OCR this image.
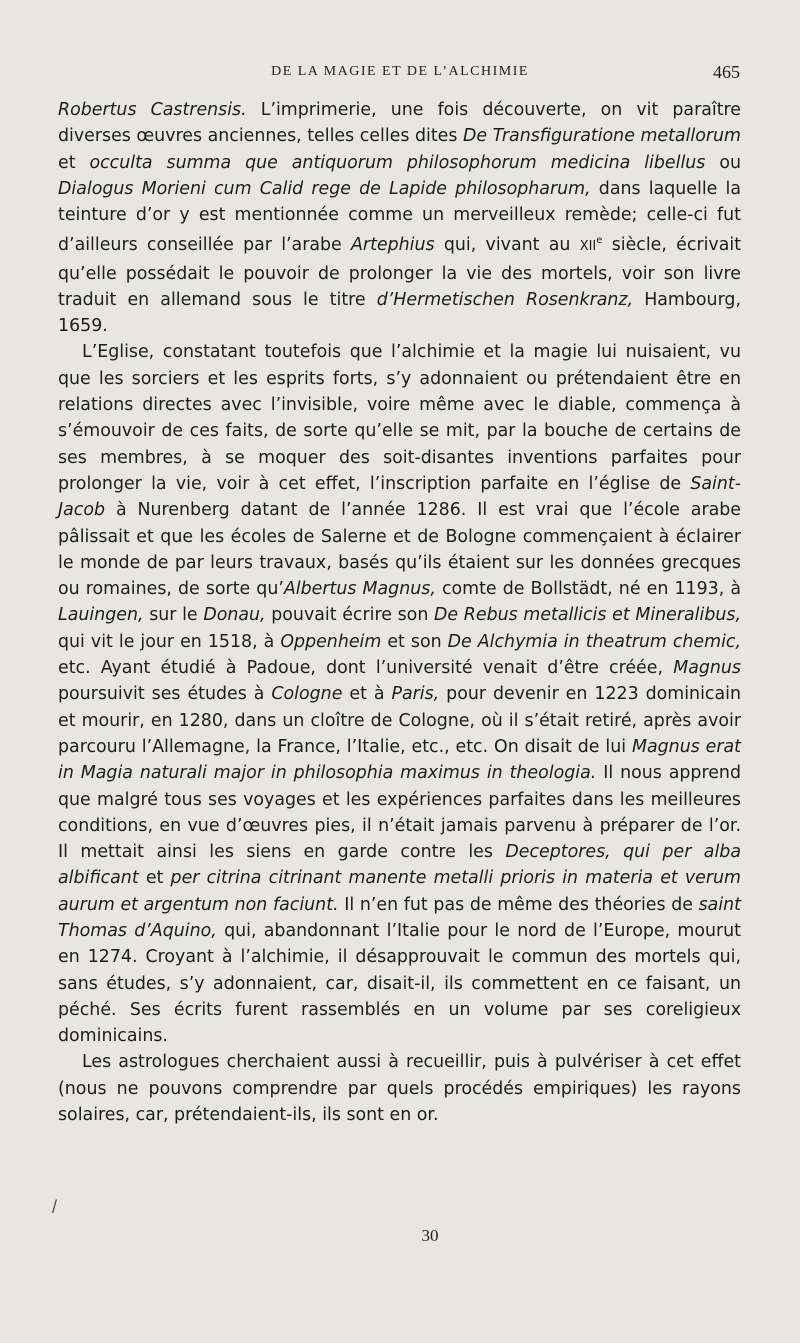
DE LA MAGIE ET DE L’ALCHIMIE	465

Robertus Castrensis. L’imprimerie, une fois découverte, on vit paraître diverses œuvres anciennes, telles celles dites De Transfiguratione metallorum et occulta summa que antiquorum philosophorum medicina libellus ou Dialogus Morieni cum Calid rege de Lapide philosopharum, dans laquelle la teinture d’or y est mentionnée comme un merveilleux remède; celle-ci fut d’ailleurs conseillée par l’arabe Artephius qui, vivant au XIIe siècle, écrivait qu’elle possédait le pouvoir de prolonger la vie des mortels, voir son livre traduit en allemand sous le titre d’Hermetischen Rosenkranz, Hambourg, 1659.

L’Eglise, constatant toutefois que l’alchimie et la magie lui nuisaient, vu que les sorciers et les esprits forts, s’y adonnaient ou prétendaient être en relations directes avec l’invisible, voire même avec le diable, commença à s’émouvoir de ces faits, de sorte qu’elle se mit, par la bouche de certains de ses membres, à se moquer des soit-disantes inventions parfaites pour prolonger la vie, voir à cet effet, l’inscription parfaite en l’église de Saint-Jacob à Nurenberg datant de l’année 1286. Il est vrai que l’école arabe pâlissait et que les écoles de Salerne et de Bologne commençaient à éclairer le monde de par leurs travaux, basés qu’ils étaient sur les données grecques ou romaines, de sorte qu’Albertus Magnus, comte de Bollstädt, né en 1193, à Lauingen, sur le Donau, pouvait écrire son De Rebus metallicis et Mineralibus, qui vit le jour en 1518, à Oppenheim et son De Alchymia in theatrum chemic, etc. Ayant étudié à Padoue, dont l’université venait d’être créée, Magnus poursuivit ses études à Cologne et à Paris, pour devenir en 1223 dominicain et mourir, en 1280, dans un cloître de Cologne, où il s’était retiré, après avoir parcouru l’Allemagne, la France, l’Italie, etc., etc. On disait de lui Magnus erat in Magia naturali major in philosophia maximus in theologia. Il nous apprend que malgré tous ses voyages et les expériences parfaites dans les meilleures conditions, en vue d’œuvres pies, il n’était jamais parvenu à préparer de l’or. Il mettait ainsi les siens en garde contre les Deceptores, qui per alba albificant et per citrina citrinant manente metalli prioris in materia et verum aurum et argentum non faciunt. Il n’en fut pas de même des théories de saint Thomas d’Aquino, qui, abandonnant l’Italie pour le nord de l’Europe, mourut en 1274. Croyant à l’alchimie, il désapprouvait le commun des mortels qui, sans études, s’y adonnaient, car, disait-il, ils commettent en ce faisant, un péché. Ses écrits furent rassemblés en un volume par ses coreligieux dominicains.

Les astrologues cherchaient aussi à recueillir, puis à pulvériser à cet effet (nous ne pouvons comprendre par quels procédés empiriques) les rayons solaires, car, prétendaient-ils, ils sont en or.

/
30
